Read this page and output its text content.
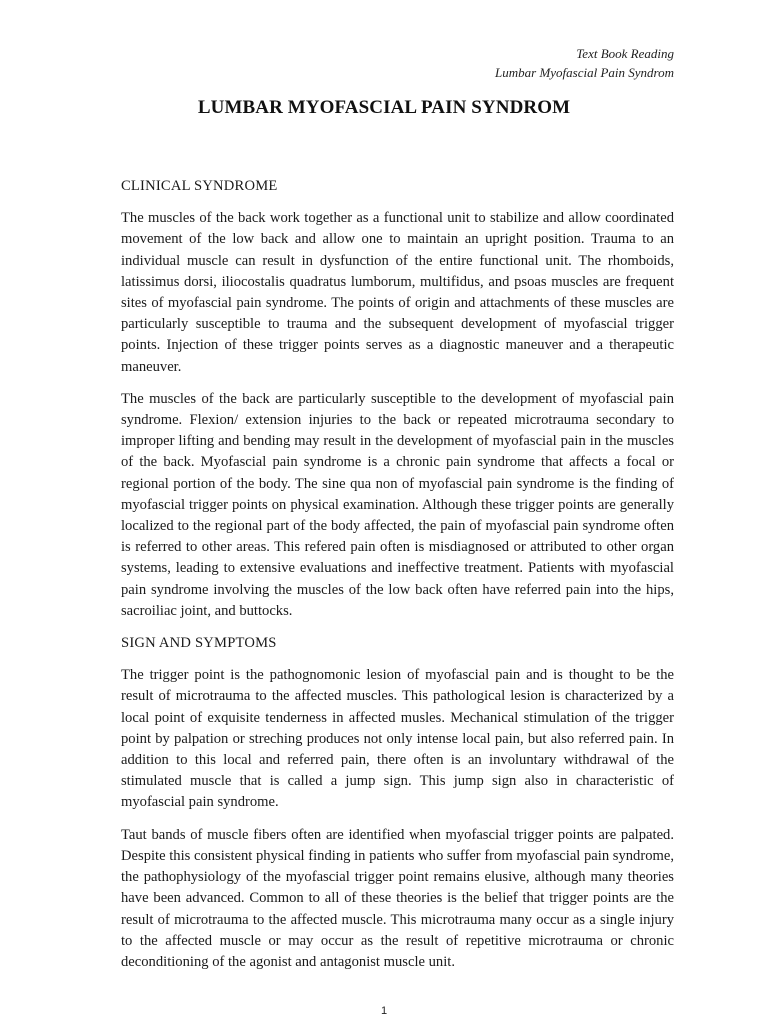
Text Book Reading
Lumbar Myofascial Pain Syndrom
LUMBAR MYOFASCIAL PAIN SYNDROM
CLINICAL SYNDROME

The muscles of the back work together as a functional unit to stabilize and allow coordinated movement of the low back and allow one to maintain an upright position. Trauma to an individual muscle can result in dysfunction of the entire functional unit. The rhomboids, latissimus dorsi, iliocostalis quadratus lumborum, multifidus, and psoas muscles are frequent sites of myofascial pain syndrome. The points of origin and attachments of these muscles are particularly susceptible to trauma and the subsequent development of myofascial trigger points. Injection of these trigger points serves as a diagnostic maneuver and a therapeutic maneuver.

The muscles of the back are particularly susceptible to the development of myofascial pain syndrome. Flexion/ extension injuries to the back or repeated microtrauma secondary to improper lifting and bending may result in the development of myofascial pain in the muscles of the back. Myofascial pain syndrome is a chronic pain syndrome that affects a focal or regional portion of the body. The sine qua non of myofascial pain syndrome is the finding of myofascial trigger points on physical examination. Although these trigger points are generally localized to the regional part of the body affected, the pain of myofascial pain syndrome often is referred to other areas. This refered pain often is misdiagnosed or attributed to other organ systems, leading to extensive evaluations and ineffective treatment. Patients with myofascial pain syndrome involving the muscles of the low back often have referred pain into the hips, sacroiliac joint, and buttocks.

SIGN AND SYMPTOMS

The trigger point is the pathognomonic lesion of myofascial pain and is thought to be the result of microtrauma to the affected muscles. This pathological lesion is characterized by a local point of exquisite tenderness in affected musles. Mechanical stimulation of the trigger point by palpation or streching produces not only intense local pain, but also referred pain. In addition to this local and referred pain, there often is an involuntary withdrawal of the stimulated muscle that is called a jump sign. This jump sign also in characteristic of myofascial pain syndrome.

Taut bands of muscle fibers often are identified when myofascial trigger points are palpated. Despite this consistent physical finding in patients who suffer from myofascial pain syndrome, the pathophysiology of the myofascial trigger point remains elusive, although many theories have been advanced. Common to all of these theories is the belief that trigger points are the result of microtrauma to the affected muscle. This microtrauma many occur as a single injury to the affected muscle or may occur as the result of repetitive microtrauma or chronic deconditioning of the agonist and antagonist muscle unit.

1
